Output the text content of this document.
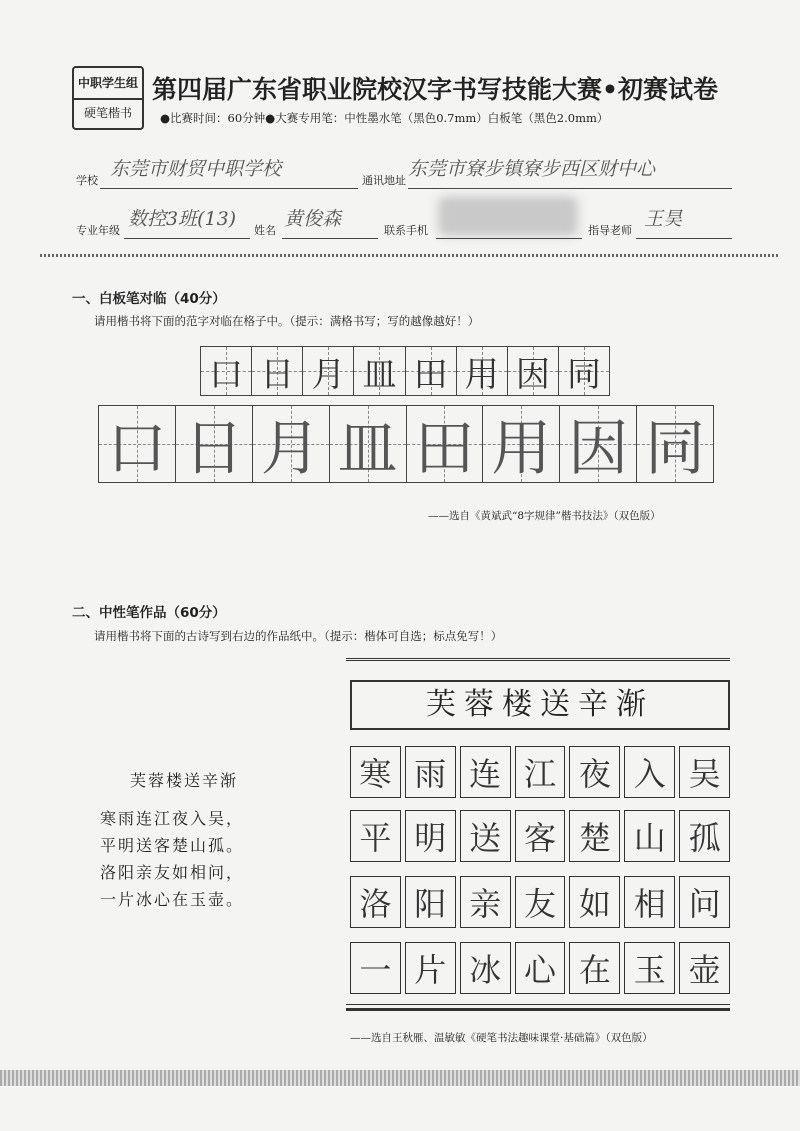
中职学生组
硬笔楷书
第四届广东省职业院校汉字书写技能大赛•初赛试卷
●比赛时间：60分钟●大赛专用笔：中性墨水笔（黑色0.7mm）白板笔（黑色2.0mm）
学校
东莞市财贸中职学校
通讯地址
东莞市寮步镇寮步西区财中心
专业年级
数控3班(13)
姓名
黄俊森
联系手机	指导老师
王昊
一、白板笔对临（40分）
请用楷书将下面的范字对临在格子中。（提示：满格书写；写的越像越好！）
口 日 月 皿 田 用 因 同
口 日 月 皿 田 用 因 同
——选自《黄斌武“8字规律”楷书技法》（双色版）
二、中性笔作品（60分）
请用楷书将下面的古诗写到右边的作品纸中。（提示：楷体可自选；标点免写！）
芙蓉楼送辛渐
寒雨连江夜入吴，
平明送客楚山孤。
洛阳亲友如相问，
一片冰心在玉壶。
芙蓉楼送辛渐
寒 雨 连 江 夜 入 吴
平 明 送 客 楚 山 孤
洛 阳 亲 友 如 相 问
一 片 冰 心 在 玉 壶
——选自王秋雁、温敏敏《硬笔书法趣味课堂·基础篇》（双色版）
